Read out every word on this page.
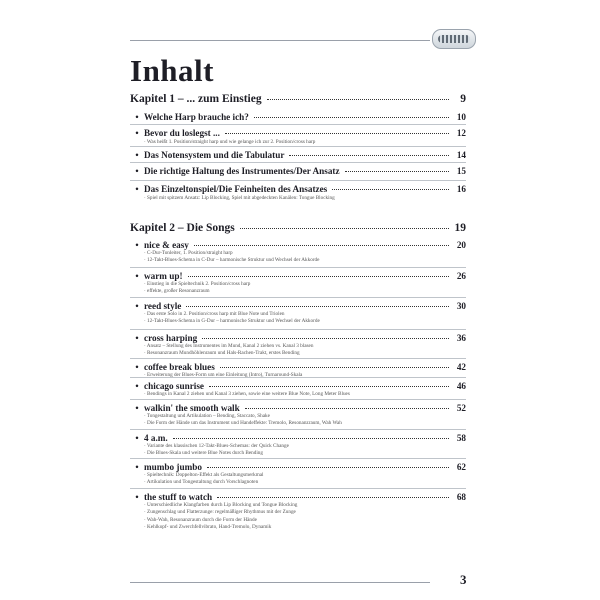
Inhalt
Kapitel 1 – ... zum Einstieg	9
• Welche Harp brauche ich?	10
• Bevor du loslegst ...	12
· Was heißt 1. Position/straight harp und wie gelange ich zur 2. Position/cross harp
• Das Notensystem und die Tabulatur	14
• Die richtige Haltung des Instrumentes/Der Ansatz	15
• Das Einzeltonspiel/Die Feinheiten des Ansatzes	16
· Spiel mit spitzem Ansatz: Lip Blocking, Spiel mit abgedeckten Kanälen: Tongue Blocking
Kapitel 2 – Die Songs	19
• nice & easy	20
· C-Dur-Tonleiter, 1. Position/straight harp
· 12-Takt-Blues-Schema in C-Dur – harmonische Struktur und Wechsel der Akkorde
• warm up!	26
· Einstieg in die Spieltechnik 2. Position/cross harp
· effekte, großer Resonanzraum
• reed style	30
· Das erste Solo in 2. Position/cross harp mit Blue Note und Triolen
· 12-Takt-Blues-Schema in G-Dur – harmonische Struktur und Wechsel der Akkorde
• cross harping	36
· Ansatz – Stellung des Instrumentes im Mund, Kanal 2 ziehen vs. Kanal 3 blasen
· Resonanzraum Mundhöhlenraum und Hals-Rachen-Trakt, erstes Bending
• coffee break blues	42
· Erweiterung der Blues-Form um eine Einleitung (Intro), Turnaround-Skala
• chicago sunrise	46
· Bendings in Kanal 2 ziehen und Kanal 3 ziehen, sowie eine weitere Blue Note, Long Meter Blues
• walkin' the smooth walk	52
· Tongestaltung und Artikulation – Bending, Staccato, Shake
· Die Form der Hände um das Instrument und Handeffekte: Tremolo, Resonanzraum, Wah Wah
• 4 a.m.	58
· Variante des klassischen 12-Takt-Blues-Schemas: der Quick Change
· Die Blues-Skala und weitere Blue Notes durch Bending
• mumbo jumbo	62
· Spieltechnik: Doppelton-Effekt als Gestaltungsmerkmal
· Artikulation und Tongestaltung durch Vorschlagnoten
• the stuff to watch	68
· Unterschiedliche Klangfarben durch Lip Blocking und Tongue Blocking
· Zungenschlag und Flatterzunge: regelmäßiger Rhythmus mit der Zunge
· Wah-Wah, Resonanzraum durch die Form der Hände
· Kehlkopf- und Zwerchfellvibrato, Hand-Tremolo, Dynamik
3
